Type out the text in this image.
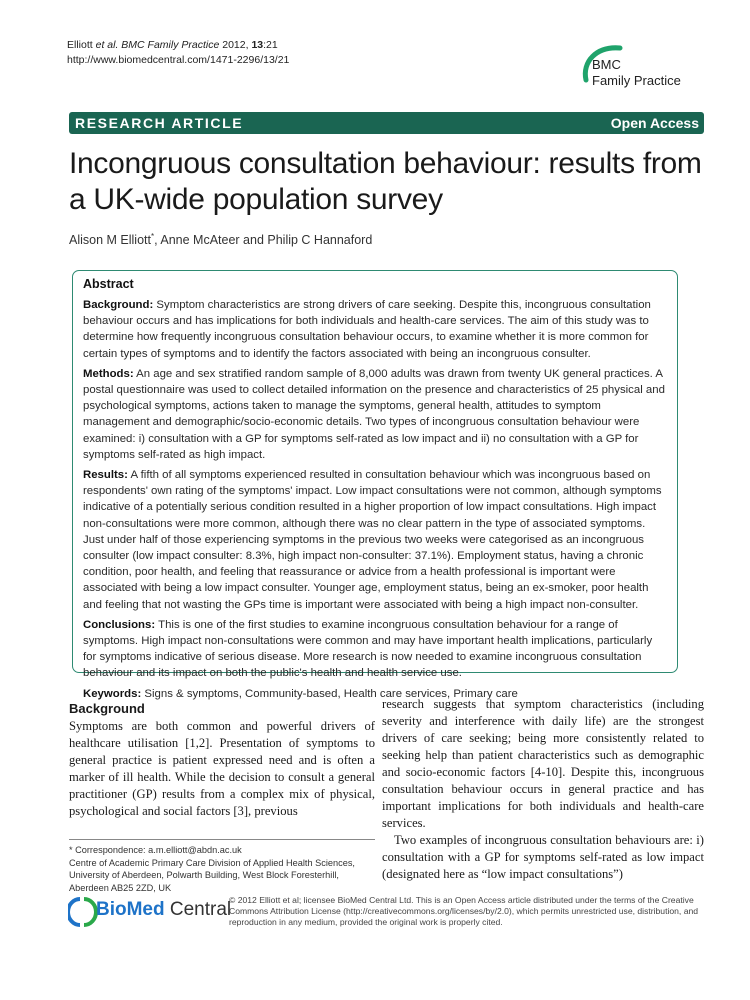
Elliott et al. BMC Family Practice 2012, 13:21
http://www.biomedcentral.com/1471-2296/13/21	BMC
Family Practice
RESEARCH ARTICLE	Open Access
Incongruous consultation behaviour: results from a UK-wide population survey
Alison M Elliott*, Anne McAteer and Philip C Hannaford
Abstract

Background: Symptom characteristics are strong drivers of care seeking. Despite this, incongruous consultation behaviour occurs and has implications for both individuals and health-care services. The aim of this study was to determine how frequently incongruous consultation behaviour occurs, to examine whether it is more common for certain types of symptoms and to identify the factors associated with being an incongruous consulter.

Methods: An age and sex stratified random sample of 8,000 adults was drawn from twenty UK general practices. A postal questionnaire was used to collect detailed information on the presence and characteristics of 25 physical and psychological symptoms, actions taken to manage the symptoms, general health, attitudes to symptom management and demographic/socio-economic details. Two types of incongruous consultation behaviour were examined: i) consultation with a GP for symptoms self-rated as low impact and ii) no consultation with a GP for symptoms self-rated as high impact.

Results: A fifth of all symptoms experienced resulted in consultation behaviour which was incongruous based on respondents' own rating of the symptoms' impact. Low impact consultations were not common, although symptoms indicative of a potentially serious condition resulted in a higher proportion of low impact consultations. High impact non-consultations were more common, although there was no clear pattern in the type of associated symptoms. Just under half of those experiencing symptoms in the previous two weeks were categorised as an incongruous consulter (low impact consulter: 8.3%, high impact non-consulter: 37.1%). Employment status, having a chronic condition, poor health, and feeling that reassurance or advice from a health professional is important were associated with being a low impact consulter. Younger age, employment status, being an ex-smoker, poor health and feeling that not wasting the GPs time is important were associated with being a high impact non-consulter.

Conclusions: This is one of the first studies to examine incongruous consultation behaviour for a range of symptoms. High impact non-consultations were common and may have important health implications, particularly for symptoms indicative of serious disease. More research is now needed to examine incongruous consultation behaviour and its impact on both the public's health and health service use.

Keywords: Signs & symptoms, Community-based, Health care services, Primary care

Background

Symptoms are both common and powerful drivers of healthcare utilisation [1,2]. Presentation of symptoms to general practice is patient expressed need and is often a marker of ill health. While the decision to consult a general practitioner (GP) results from a complex mix of physical, psychological and social factors [3], previous

research suggests that symptom characteristics (including severity and interference with daily life) are the strongest drivers of care seeking; being more consistently related to seeking help than patient characteristics such as demographic and socio-economic factors [4-10]. Despite this, incongruous consultation behaviour occurs in general practice and has important implications for both individuals and health-care services.

Two examples of incongruous consultation behaviours are: i) consultation with a GP for symptoms self-rated as low impact (designated here as “low impact consultations”)

* Correspondence: a.m.elliott@abdn.ac.uk
Centre of Academic Primary Care Division of Applied Health Sciences, University of Aberdeen, Polwarth Building, West Block Foresterhill, Aberdeen AB25 2ZD, UK
BioMed Central
© 2012 Elliott et al; licensee BioMed Central Ltd. This is an Open Access article distributed under the terms of the Creative Commons Attribution License (http://creativecommons.org/licenses/by/2.0), which permits unrestricted use, distribution, and reproduction in any medium, provided the original work is properly cited.
